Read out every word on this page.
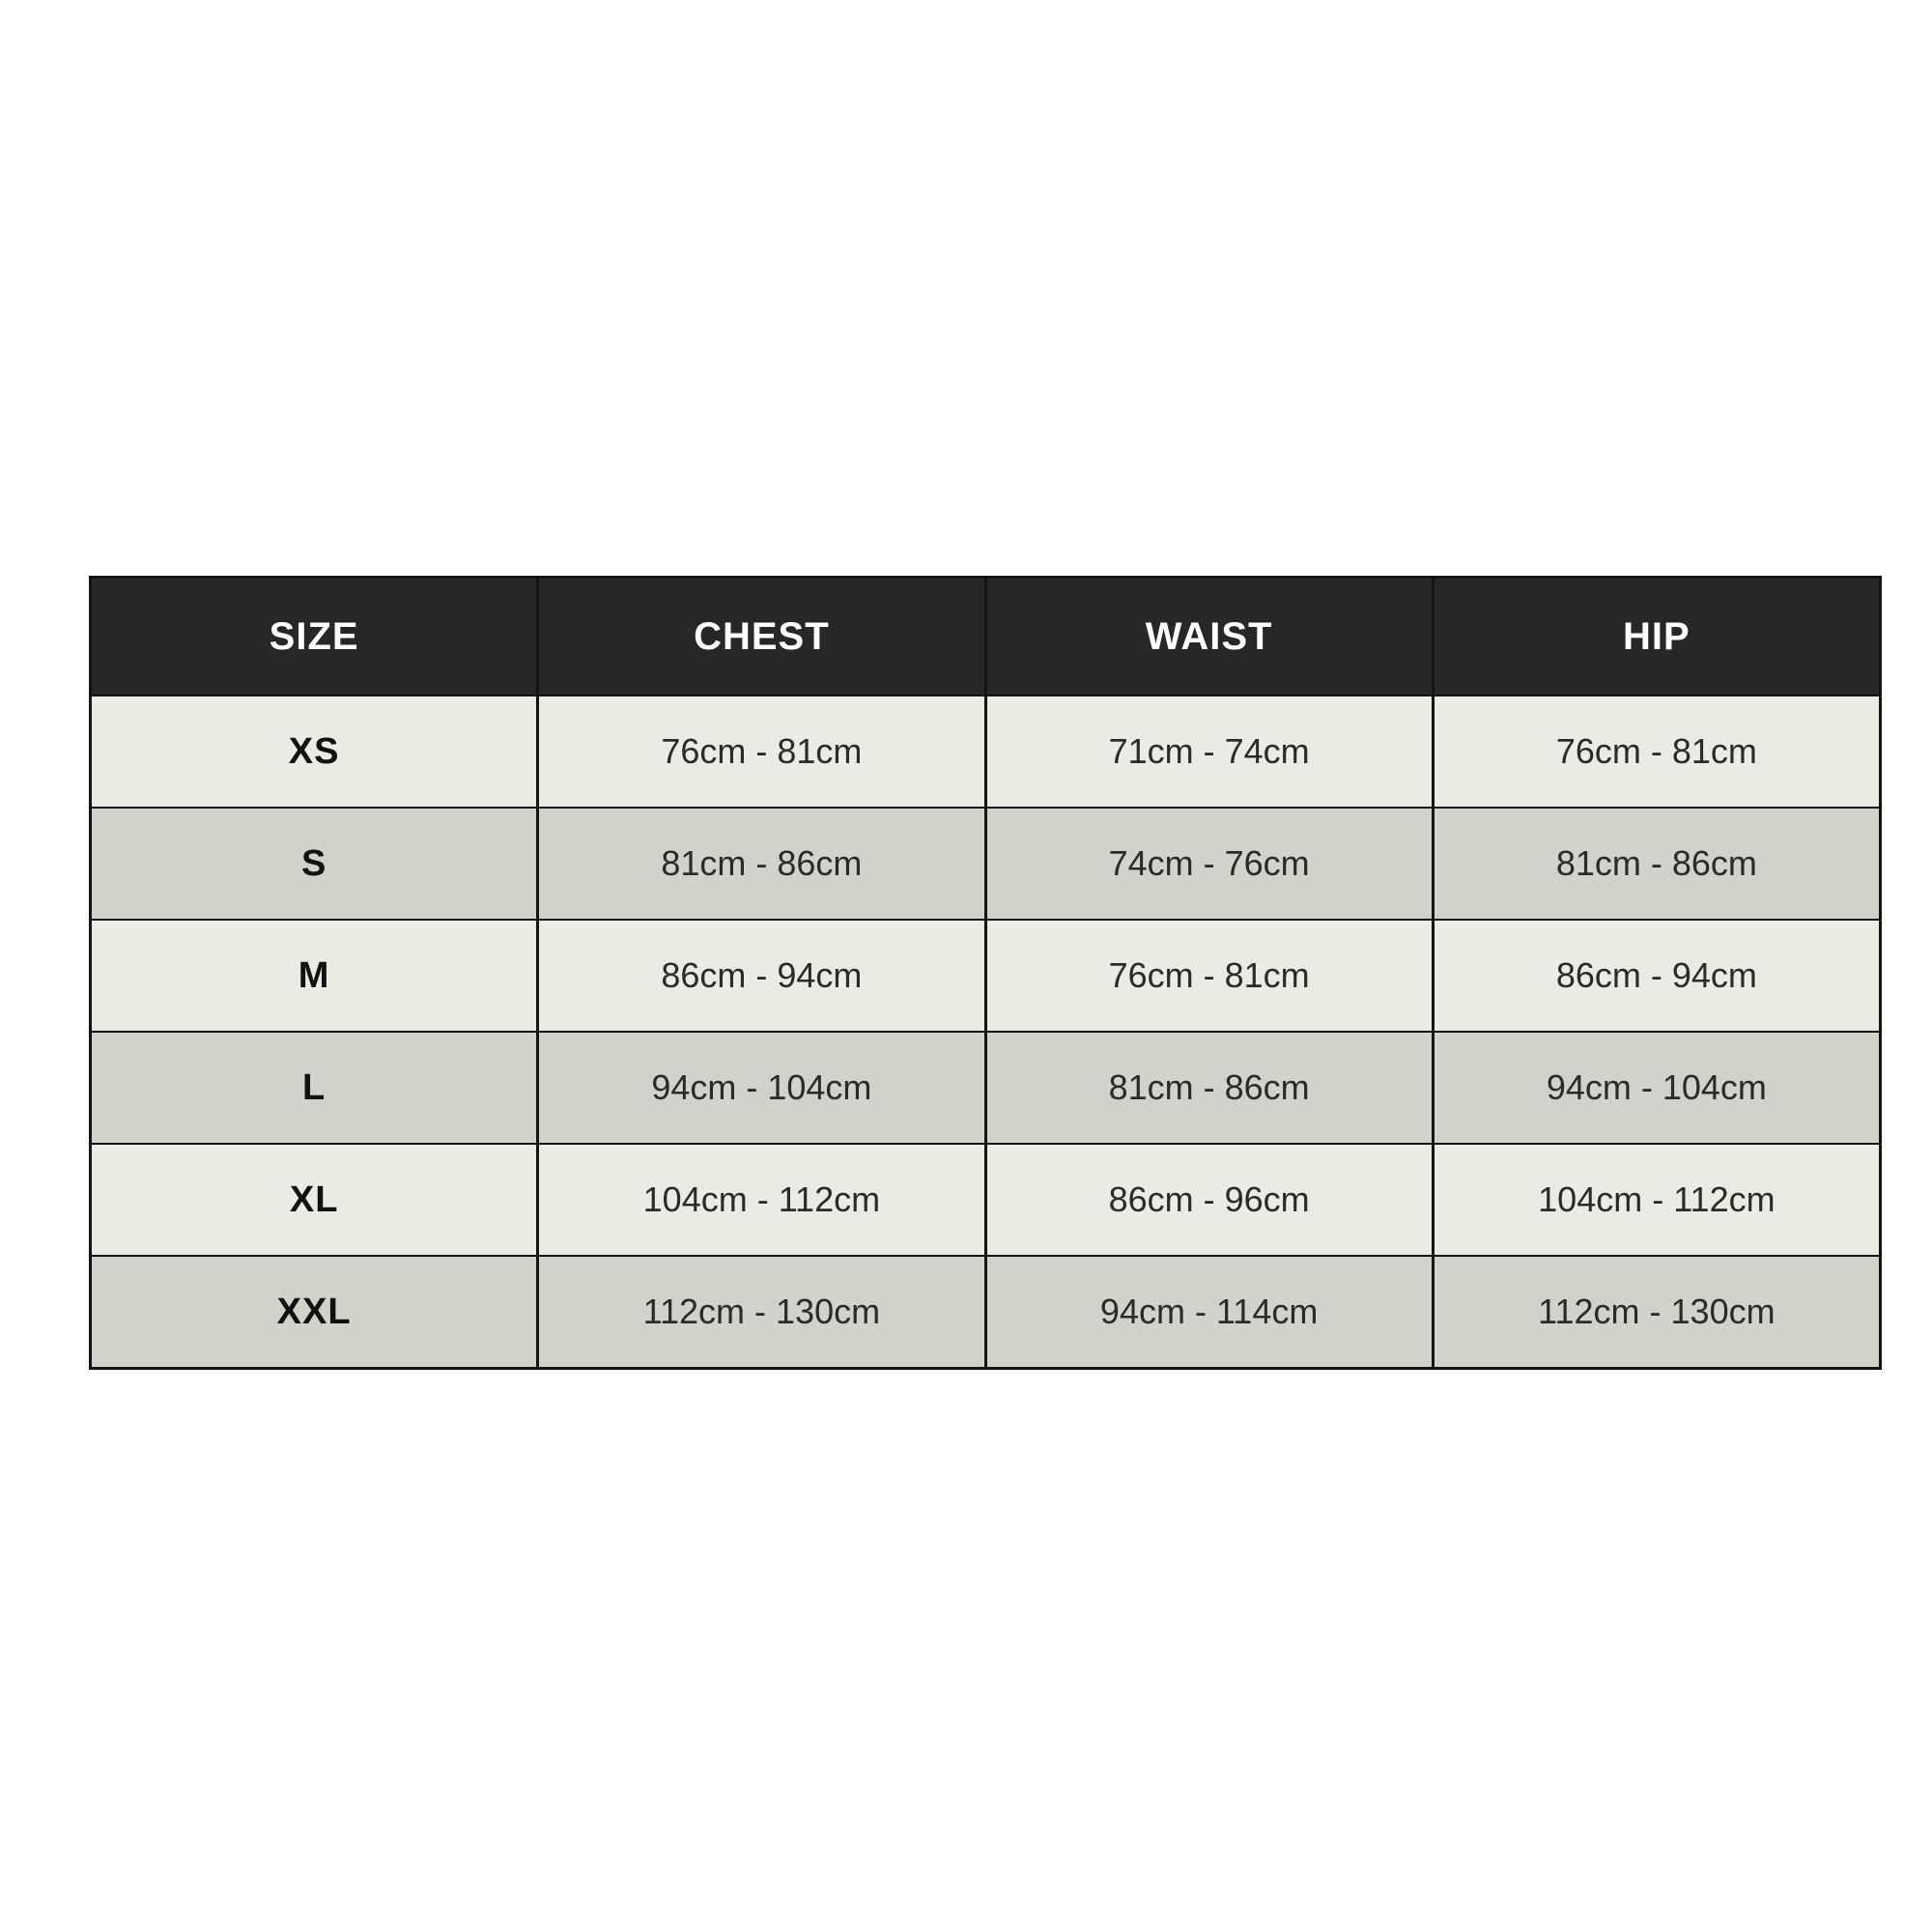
SIZE	CHEST	WAIST	HIP
XS	76cm - 81cm	71cm - 74cm	76cm - 81cm
S	81cm - 86cm	74cm - 76cm	81cm - 86cm
M	86cm - 94cm	76cm - 81cm	86cm - 94cm
L	94cm - 104cm	81cm - 86cm	94cm - 104cm
XL	104cm - 112cm	86cm - 96cm	104cm - 112cm
XXL	112cm - 130cm	94cm - 114cm	112cm - 130cm
